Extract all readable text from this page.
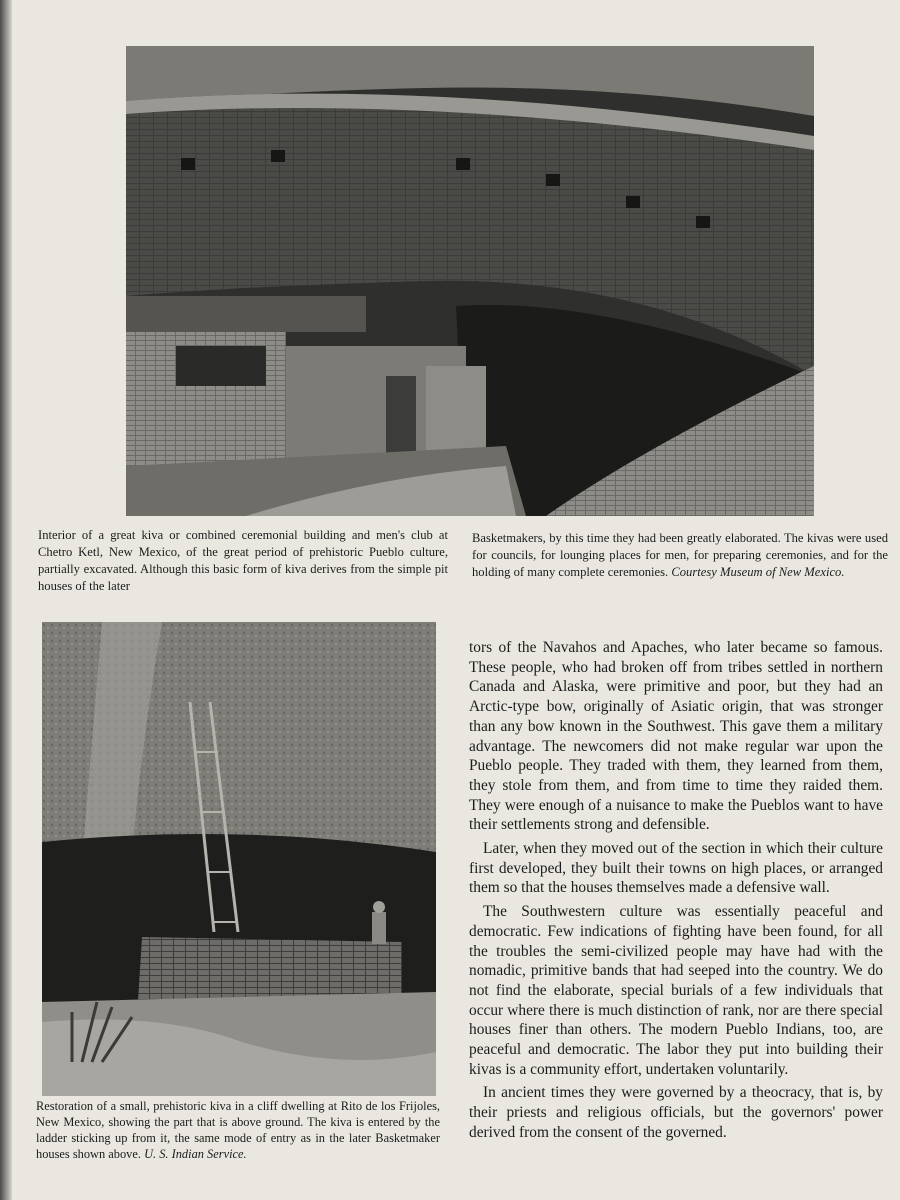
Interior of a great kiva or combined ceremonial building and men's club at Chetro Ketl, New Mexico, of the great period of prehistoric Pueblo culture, partially excavated. Although this basic form of kiva derives from the simple pit houses of the later
Basketmakers, by this time they had been greatly elaborated. The kivas were used for councils, for lounging places for men, for preparing ceremonies, and for the holding of many complete ceremonies. Courtesy Museum of New Mexico.
Restoration of a small, prehistoric kiva in a cliff dwelling at Rito de los Frijoles, New Mexico, showing the part that is above ground. The kiva is entered by the ladder sticking up from it, the same mode of entry as in the later Basketmaker houses shown above. U. S. Indian Service.

tors of the Navahos and Apaches, who later became so famous. These people, who had broken off from tribes settled in northern Canada and Alaska, were primitive and poor, but they had an Arctic-type bow, originally of Asiatic origin, that was stronger than any bow known in the Southwest. This gave them a military advantage. The newcomers did not make regular war upon the Pueblo people. They traded with them, they learned from them, they stole from them, and from time to time they raided them. They were enough of a nuisance to make the Pueblos want to have their settlements strong and defensible.

Later, when they moved out of the section in which their culture first developed, they built their towns on high places, or arranged them so that the houses themselves made a defensive wall.

The Southwestern culture was essentially peaceful and democratic. Few indications of fighting have been found, for all the troubles the semi-civilized people may have had with the nomadic, primitive bands that had seeped into the country. We do not find the elaborate, special burials of a few individuals that occur where there is much distinction of rank, nor are there special houses finer than others. The modern Pueblo Indians, too, are peaceful and democratic. The labor they put into building their kivas is a community effort, undertaken voluntarily.

In ancient times they were governed by a theocracy, that is, by their priests and religious officials, but the governors' power derived from the consent of the governed.
